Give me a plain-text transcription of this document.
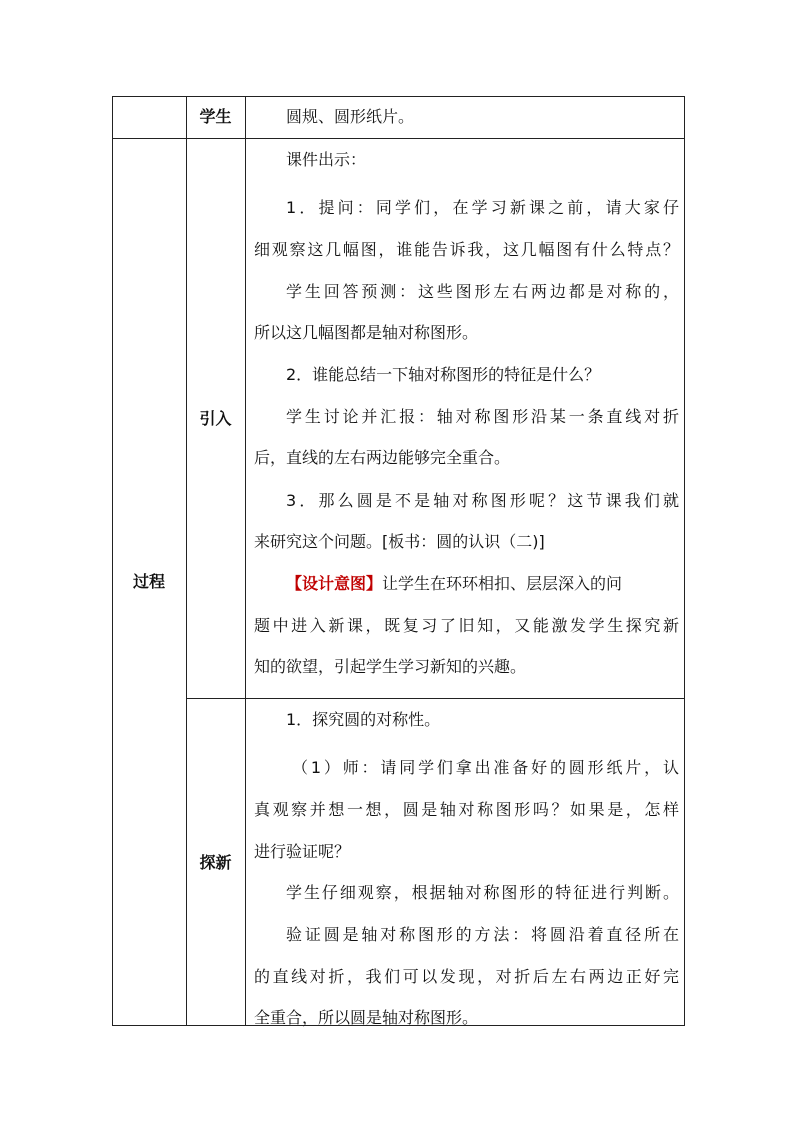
学生	圆规、圆形纸片。

过程
引入

课件出示：

1．提问：同学们，在学习新课之前，请大家仔

细观察这几幅图，谁能告诉我，这几幅图有什么特点？

学生回答预测：这些图形左右两边都是对称的，

所以这几幅图都是轴对称图形。

2．谁能总结一下轴对称图形的特征是什么？

学生讨论并汇报：轴对称图形沿某一条直线对折

后，直线的左右两边能够完全重合。

3．那么圆是不是轴对称图形呢？这节课我们就

来研究这个问题。[板书：圆的认识（二)]

【设计意图】让学生在环环相扣、层层深入的问

题中进入新课，既复习了旧知，又能激发学生探究新

知的欲望，引起学生学习新知的兴趣。

探新

1．探究圆的对称性。

（1）师：请同学们拿出准备好的圆形纸片，认

真观察并想一想，圆是轴对称图形吗？如果是，怎样

进行验证呢？

学生仔细观察，根据轴对称图形的特征进行判断。

验证圆是轴对称图形的方法：将圆沿着直径所在

的直线对折，我们可以发现，对折后左右两边正好完

全重合，所以圆是轴对称图形。
